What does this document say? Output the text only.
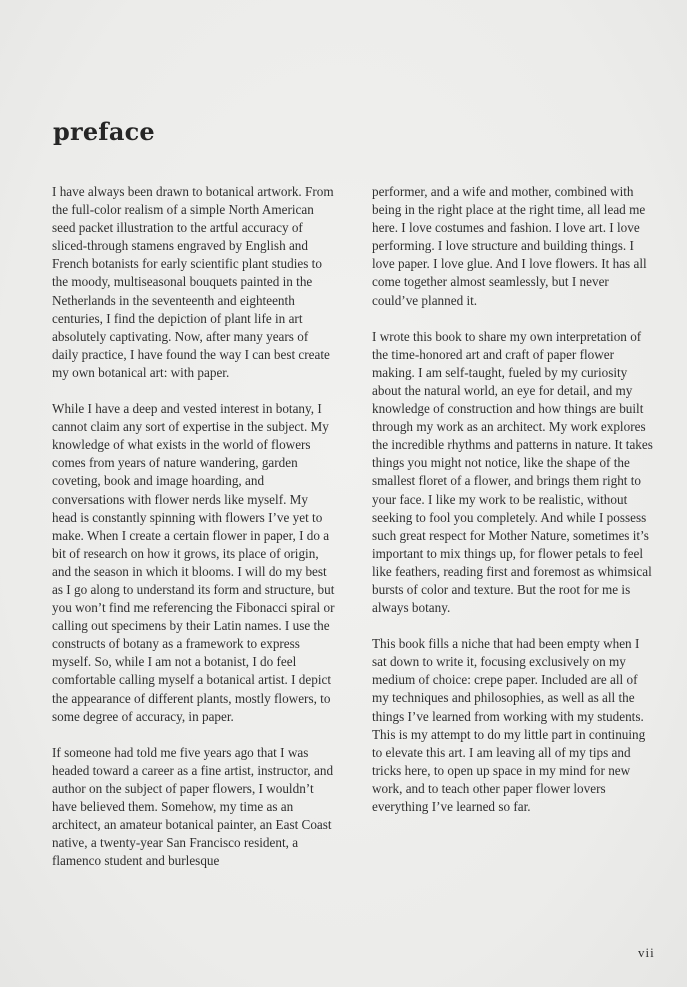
preface

I have always been drawn to botanical artwork. From the full-color realism of a simple North American seed packet illustration to the artful accuracy of sliced-through stamens engraved by English and French botanists for early scientific plant studies to the moody, multiseasonal bouquets painted in the Netherlands in the seventeenth and eighteenth centuries, I find the depiction of plant life in art absolutely captivating. Now, after many years of daily practice, I have found the way I can best create my own botanical art: with paper.

While I have a deep and vested interest in botany, I cannot claim any sort of expertise in the subject. My knowledge of what exists in the world of flowers comes from years of nature wandering, garden coveting, book and image hoarding, and conversations with flower nerds like myself. My head is constantly spinning with flowers I’ve yet to make. When I create a certain flower in paper, I do a bit of research on how it grows, its place of origin, and the season in which it blooms. I will do my best as I go along to understand its form and structure, but you won’t find me referencing the Fibonacci spiral or calling out specimens by their Latin names. I use the constructs of botany as a framework to express myself. So, while I am not a botanist, I do feel comfortable calling myself a botanical artist. I depict the appearance of different plants, mostly flowers, to some degree of accuracy, in paper.

If someone had told me five years ago that I was headed toward a career as a fine artist, instructor, and author on the subject of paper flowers, I wouldn’t have believed them. Somehow, my time as an architect, an amateur botanical painter, an East Coast native, a twenty-year San Francisco resident, a flamenco student and burlesque

performer, and a wife and mother, combined with being in the right place at the right time, all lead me here. I love costumes and fashion. I love art. I love performing. I love structure and building things. I love paper. I love glue. And I love flowers. It has all come together almost seamlessly, but I never could’ve planned it.

I wrote this book to share my own interpretation of the time-honored art and craft of paper flower making. I am self-taught, fueled by my curiosity about the natural world, an eye for detail, and my knowledge of construction and how things are built through my work as an architect. My work explores the incredible rhythms and patterns in nature. It takes things you might not notice, like the shape of the smallest floret of a flower, and brings them right to your face. I like my work to be realistic, without seeking to fool you completely. And while I possess such great respect for Mother Nature, sometimes it’s important to mix things up, for flower petals to feel like feathers, reading first and foremost as whimsical bursts of color and texture. But the root for me is always botany.

This book fills a niche that had been empty when I sat down to write it, focusing exclusively on my medium of choice: crepe paper. Included are all of my techniques and philosophies, as well as all the things I’ve learned from working with my students. This is my attempt to do my little part in continuing to elevate this art. I am leaving all of my tips and tricks here, to open up space in my mind for new work, and to teach other paper flower lovers everything I’ve learned so far.

vii
